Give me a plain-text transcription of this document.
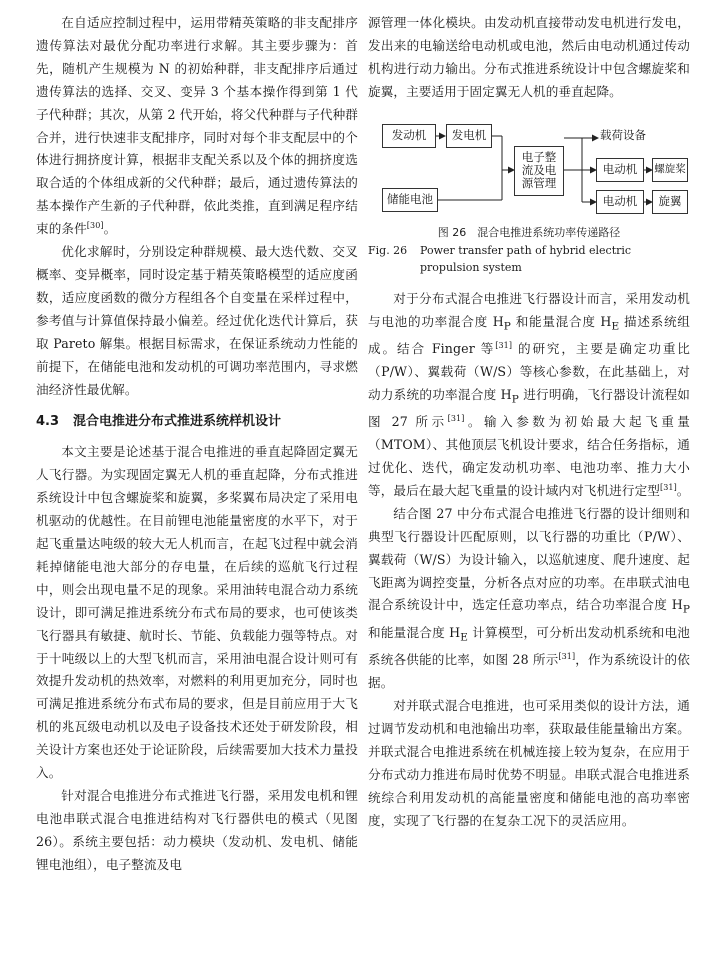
在自适应控制过程中，运用带精英策略的非支配排序遗传算法对最优分配功率进行求解。其主要步骤为：首先，随机产生规模为 N 的初始种群，非支配排序后通过遗传算法的选择、交叉、变异 3 个基本操作得到第 1 代子代种群；其次，从第 2 代开始，将父代种群与子代种群合并，进行快速非支配排序，同时对每个非支配层中的个体进行拥挤度计算，根据非支配关系以及个体的拥挤度选取合适的个体组成新的父代种群；最后，通过遗传算法的基本操作产生新的子代种群，依此类推，直到满足程序结束的条件[30]。

优化求解时，分别设定种群规模、最大迭代数、交叉概率、变异概率，同时设定基于精英策略模型的适应度函数，适应度函数的微分方程组各个自变量在采样过程中，参考值与计算值保持最小偏差。经过优化迭代计算后，获取 Pareto 解集。根据目标需求，在保证系统动力性能的前提下，在储能电池和发动机的可调功率范围内，寻求燃油经济性最优解。

4.3 混合电推进分布式推进系统样机设计

本文主要是论述基于混合电推进的垂直起降固定翼无人飞行器。为实现固定翼无人机的垂直起降，分布式推进系统设计中包含螺旋桨和旋翼，多桨翼布局决定了采用电机驱动的优越性。在目前锂电池能量密度的水平下，对于起飞重量达吨级的较大无人机而言，在起飞过程中就会消耗掉储能电池大部分的存电量，在后续的巡航飞行过程中，则会出现电量不足的现象。采用油转电混合动力系统设计，即可满足推进系统分布式布局的要求，也可使该类飞行器具有敏捷、航时长、节能、负载能力强等特点。对于十吨级以上的大型飞机而言，采用油电混合设计则可有效提升发动机的热效率，对燃料的利用更加充分，同时也可满足推进系统分布式布局的要求，但是目前应用于大飞机的兆瓦级电动机以及电子设备技术还处于研发阶段，相关设计方案也还处于论证阶段，后续需要加大技术力量投入。

针对混合电推进分布式推进飞行器，采用发电机和锂电池串联式混合电推进结构对飞行器供电的模式（见图 26）。系统主要包括：动力模块（发动机、发电机、储能锂电池组），电子整流及电

源管理一体化模块。由发动机直接带动发电机进行发电，发出来的电输送给电动机或电池，然后由电动机通过传动机构进行动力输出。分布式推进系统设计中包含螺旋桨和旋翼，主要适用于固定翼无人机的垂直起降。

发动机	发电机
电子整流及电源管理
储能电池
载荷设备
电动机
电动机
螺旋桨
旋翼
图 26　混合电推进系统功率传递路径
Fig. 26	Power transfer path of hybrid electric propulsion system

对于分布式混合电推进飞行器设计而言，采用发动机与电池的功率混合度 $H_P$ 和能量混合度 $H_E$ 描述系统组成。结合 Finger 等[31] 的研究，主要是确定功重比（P/W）、翼载荷（W/S）等核心参数，在此基础上，对动力系统的功率混合度 $H_P$ 进行明确，飞行器设计流程如图 27 所示[31]。输入参数为初始最大起飞重量（MTOM）、其他顶层飞机设计要求，结合任务指标，通过优化、迭代，确定发动机功率、电池功率、推力大小等，最后在最大起飞重量的设计域内对飞机进行定型[31]。

结合图 27 中分布式混合电推进飞行器的设计细则和典型飞行器设计匹配原则，以飞行器的功重比（P/W）、翼载荷（W/S）为设计输入，以巡航速度、爬升速度、起飞距离为调控变量，分析各点对应的功率。在串联式油电混合系统设计中，选定任意功率点，结合功率混合度 $H_P$ 和能量混合度 $H_E$ 计算模型，可分析出发动机系统和电池系统各供能的比率，如图 28 所示[31]，作为系统设计的依据。

对并联式混合电推进，也可采用类似的设计方法，通过调节发动机和电池输出功率，获取最佳能量输出方案。并联式混合电推进系统在机械连接上较为复杂，在应用于分布式动力推进布局时优势不明显。串联式混合电推进系统综合利用发动机的高能量密度和储能电池的高功率密度，实现了飞行器的在复杂工况下的灵活应用。
